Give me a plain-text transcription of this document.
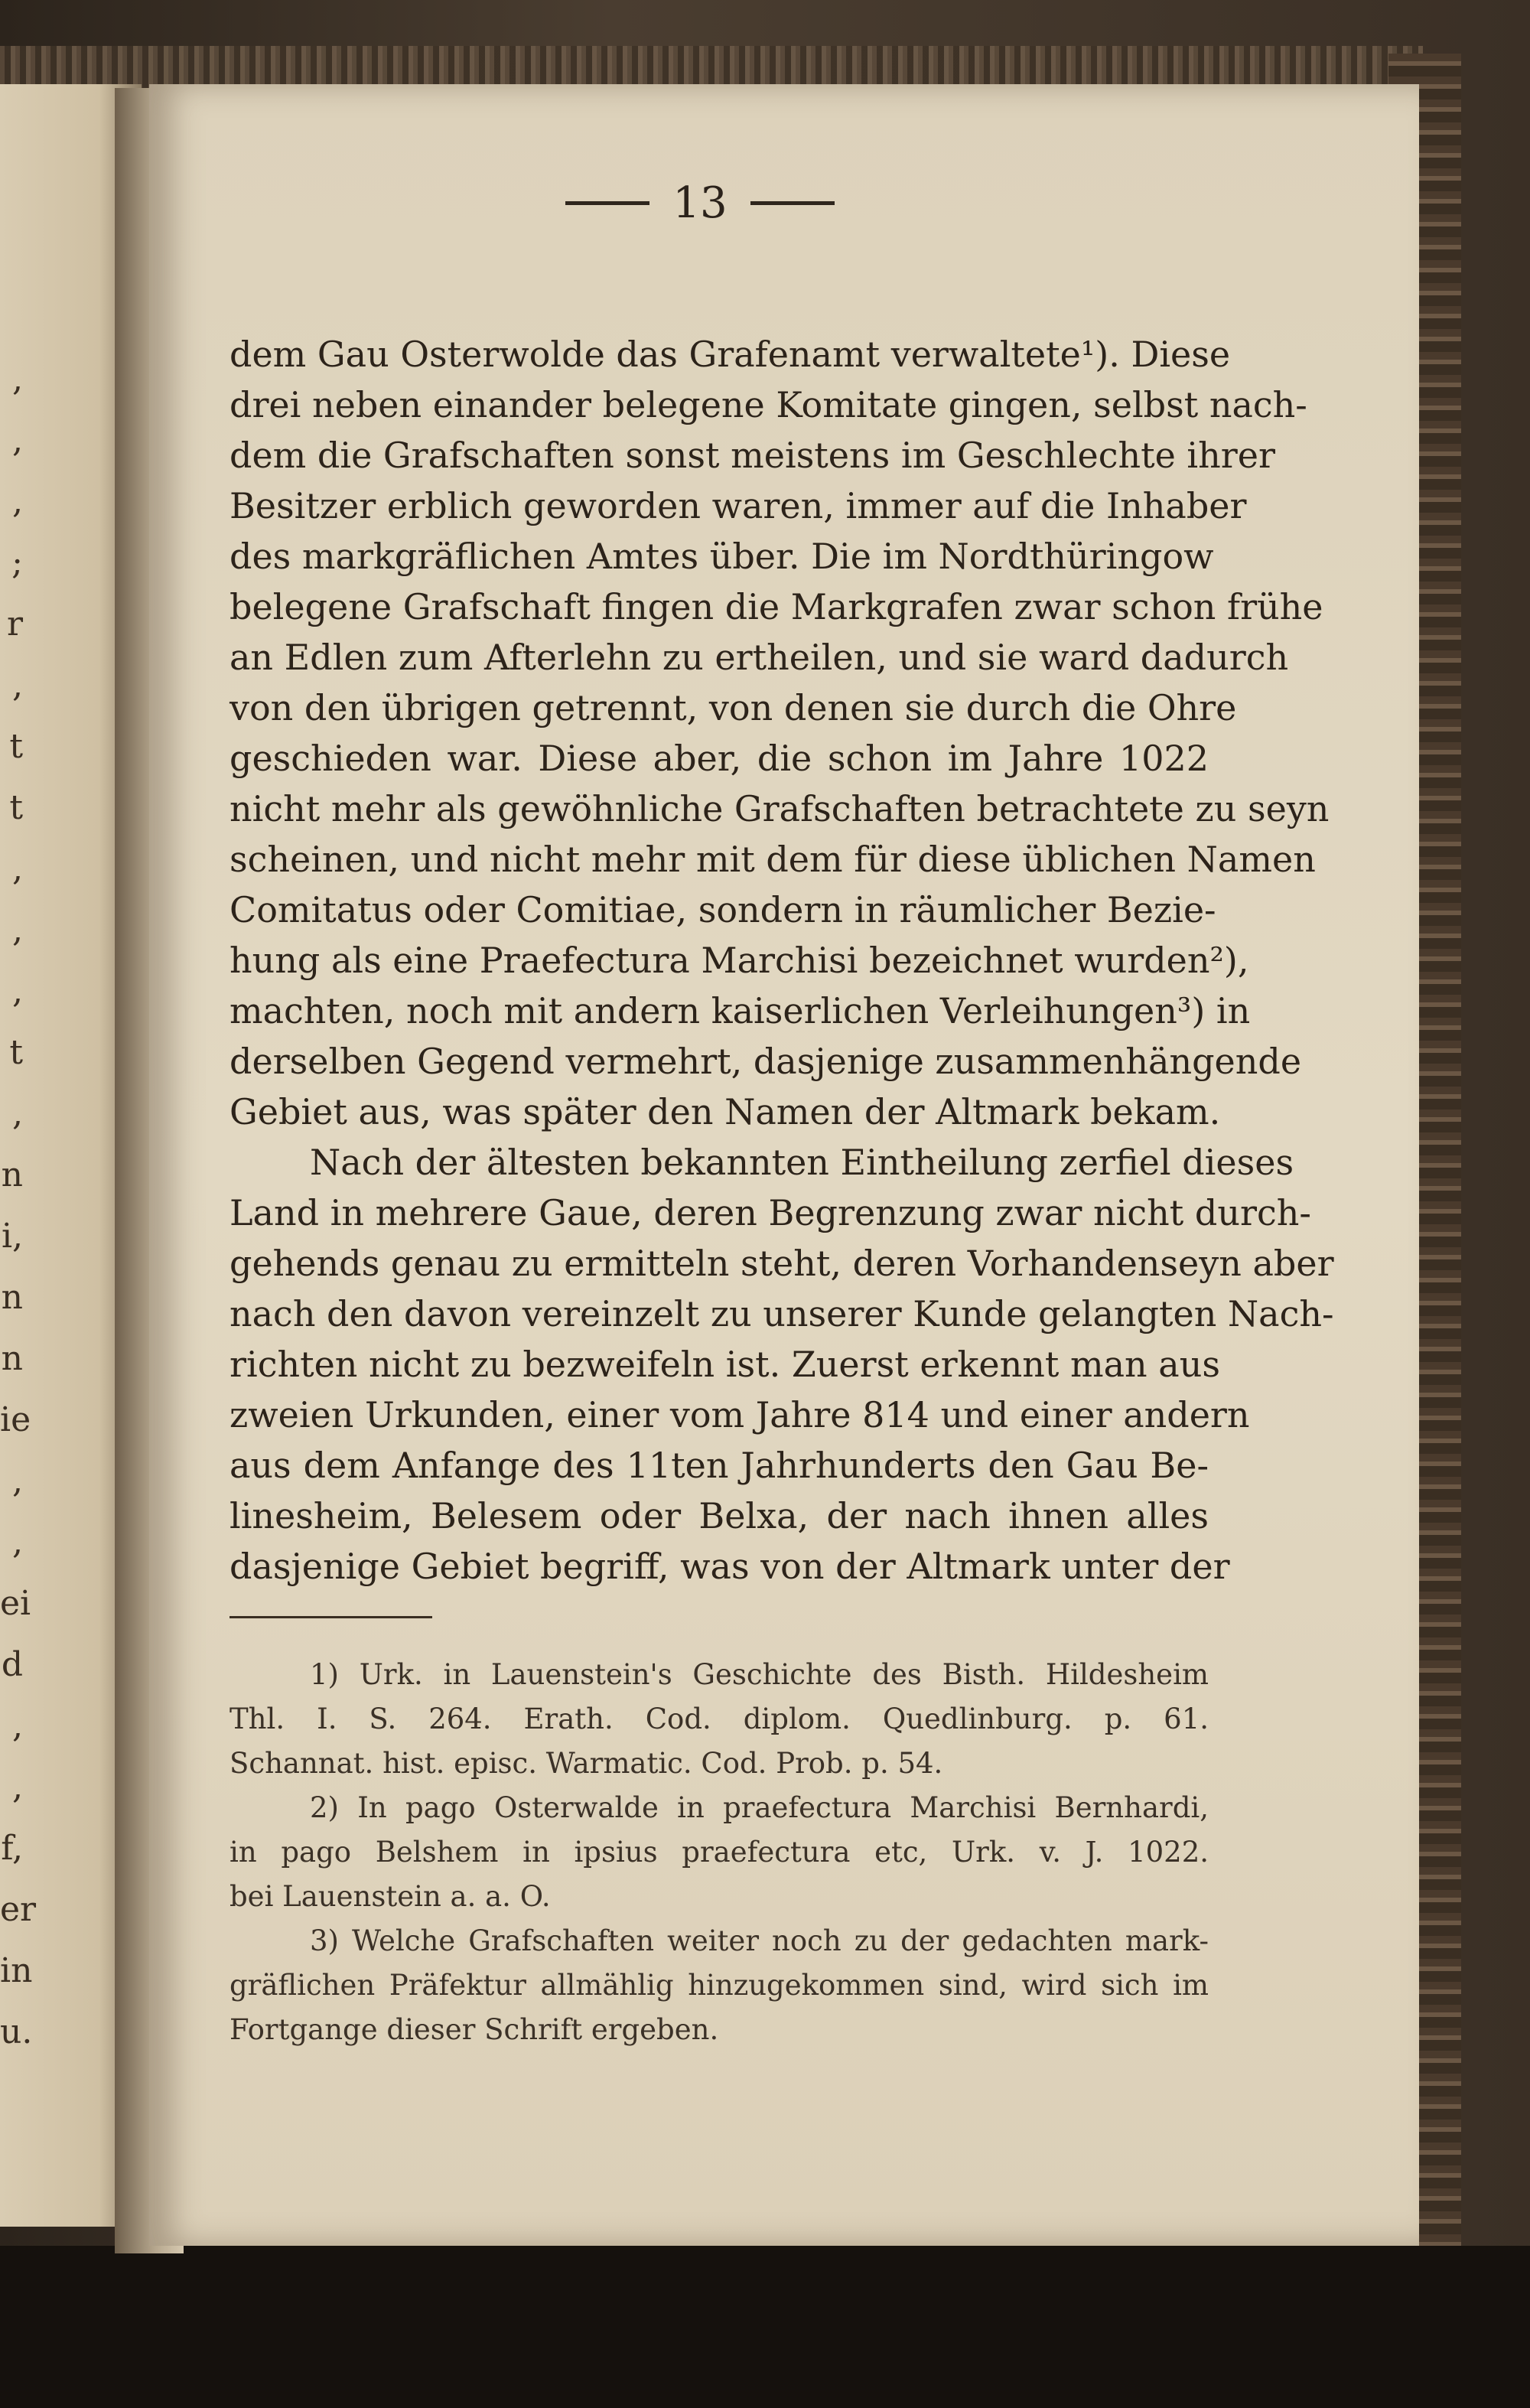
,
,
,
;
r
,
t
t
,
,
,
t
,
n
i,
n
n
ie
,
,
ei
d
,
,
f,
er
in
u.
13
dem Gau Osterwolde das Grafenamt verwaltete¹). Diese
drei neben einander belegene Komitate gingen, selbst nach-
dem die Grafschaften sonst meistens im Geschlechte ihrer
Besitzer erblich geworden waren, immer auf die Inhaber
des markgräflichen Amtes über. Die im Nordthüringow
belegene Grafschaft fingen die Markgrafen zwar schon frühe
an Edlen zum Afterlehn zu ertheilen, und sie ward dadurch
von den übrigen getrennt, von denen sie durch die Ohre
geschieden war. Diese aber, die schon im Jahre 1022
nicht mehr als gewöhnliche Grafschaften betrachtete zu seyn
scheinen, und nicht mehr mit dem für diese üblichen Namen
Comitatus oder Comitiae, sondern in räumlicher Bezie-
hung als eine Praefectura Marchisi bezeichnet wurden²),
machten, noch mit andern kaiserlichen Verleihungen³) in
derselben Gegend vermehrt, dasjenige zusammenhängende
Gebiet aus, was später den Namen der Altmark bekam.
Nach der ältesten bekannten Eintheilung zerfiel dieses
Land in mehrere Gaue, deren Begrenzung zwar nicht durch-
gehends genau zu ermitteln steht, deren Vorhandenseyn aber
nach den davon vereinzelt zu unserer Kunde gelangten Nach-
richten nicht zu bezweifeln ist. Zuerst erkennt man aus
zweien Urkunden, einer vom Jahre 814 und einer andern
aus dem Anfange des 11ten Jahrhunderts den Gau Be-
linesheim, Belesem oder Belxa, der nach ihnen alles
dasjenige Gebiet begriff, was von der Altmark unter der
1) Urk. in Lauenstein's Geschichte des Bisth. Hildesheim
Thl. I. S. 264. Erath. Cod. diplom. Quedlinburg. p. 61.
Schannat. hist. episc. Warmatic. Cod. Prob. p. 54.
2) In pago Osterwalde in praefectura Marchisi Bernhardi,
in pago Belshem in ipsius praefectura etc, Urk. v. J. 1022.
bei Lauenstein a. a. O.
3) Welche Grafschaften weiter noch zu der gedachten mark-
gräflichen Präfektur allmählig hinzugekommen sind, wird sich im
Fortgange dieser Schrift ergeben.
